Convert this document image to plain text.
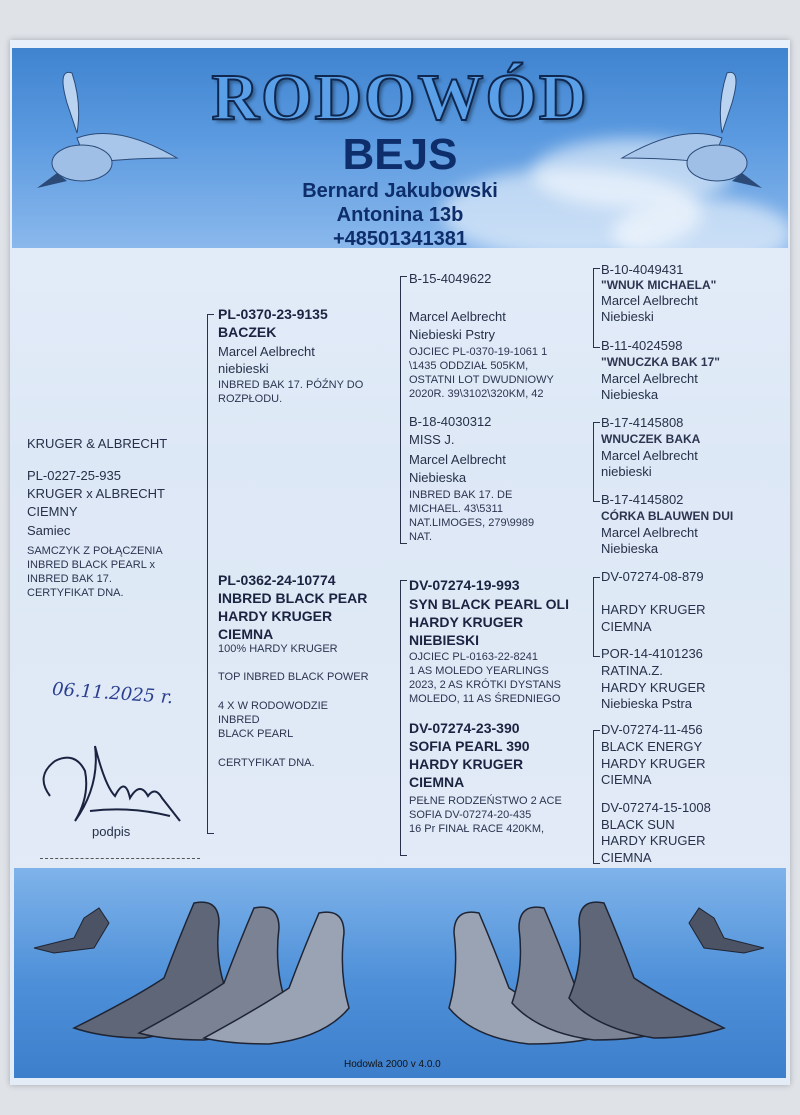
RODOWÓD
BEJS
Bernard Jakubowski
Antonina 13b
+48501341381
KRUGER & ALBRECHT
PL-0227-25-935
KRUGER x ALBRECHT
CIEMNY
Samiec
SAMCZYK Z POŁĄCZENIA
INBRED BLACK PEARL x
INBRED BAK 17.
CERTYFIKAT DNA.
PL-0370-23-9135
BACZEK
Marcel Aelbrecht
niebieski
INBRED BAK 17. PÓŹNY DO
ROZPŁODU.
PL-0362-24-10774
INBRED BLACK PEAR
HARDY KRUGER
CIEMNA
100% HARDY KRUGER
TOP INBRED BLACK POWER
4 X W RODOWODZIE
INBRED
BLACK PEARL
CERTYFIKAT DNA.
B-15-4049622
Marcel Aelbrecht
Niebieski Pstry
OJCIEC PL-0370-19-1061 1
\1435 ODDZIAŁ 505KM,
OSTATNI LOT DWUDNIOWY
2020R. 39\3102\320KM, 42
B-18-4030312
MISS J.
Marcel Aelbrecht
Niebieska
INBRED BAK 17. DE
MICHAEL. 43\5311
NAT.LIMOGES, 279\9989
NAT.
DV-07274-19-993
SYN BLACK PEARL OLI
HARDY KRUGER
NIEBIESKI
OJCIEC PL-0163-22-8241
1 AS MOLEDO YEARLINGS
2023, 2 AS KRÓTKI DYSTANS
MOLEDO, 11 AS ŚREDNIEGO
DV-07274-23-390
SOFIA PEARL 390
HARDY KRUGER
CIEMNA
PEŁNE RODZEŃSTWO 2 ACE
SOFIA DV-07274-20-435
16 Pr FINAŁ RACE 420KM,
B-10-4049431
"WNUK MICHAELA"
Marcel Aelbrecht
Niebieski
B-11-4024598
"WNUCZKA BAK 17"
Marcel Aelbrecht
Niebieska
B-17-4145808
WNUCZEK BAKA
Marcel Aelbrecht
niebieski
B-17-4145802
CÓRKA BLAUWEN DUI
Marcel Aelbrecht
Niebieska
DV-07274-08-879
HARDY KRUGER
CIEMNA
POR-14-4101236
RATINA.Z.
HARDY KRUGER
Niebieska Pstra
DV-07274-11-456
BLACK ENERGY
HARDY KRUGER
CIEMNA
DV-07274-15-1008
BLACK SUN
HARDY KRUGER
CIEMNA
06.11.2025 r.
podpis
Hodowla 2000 v 4.0.0
